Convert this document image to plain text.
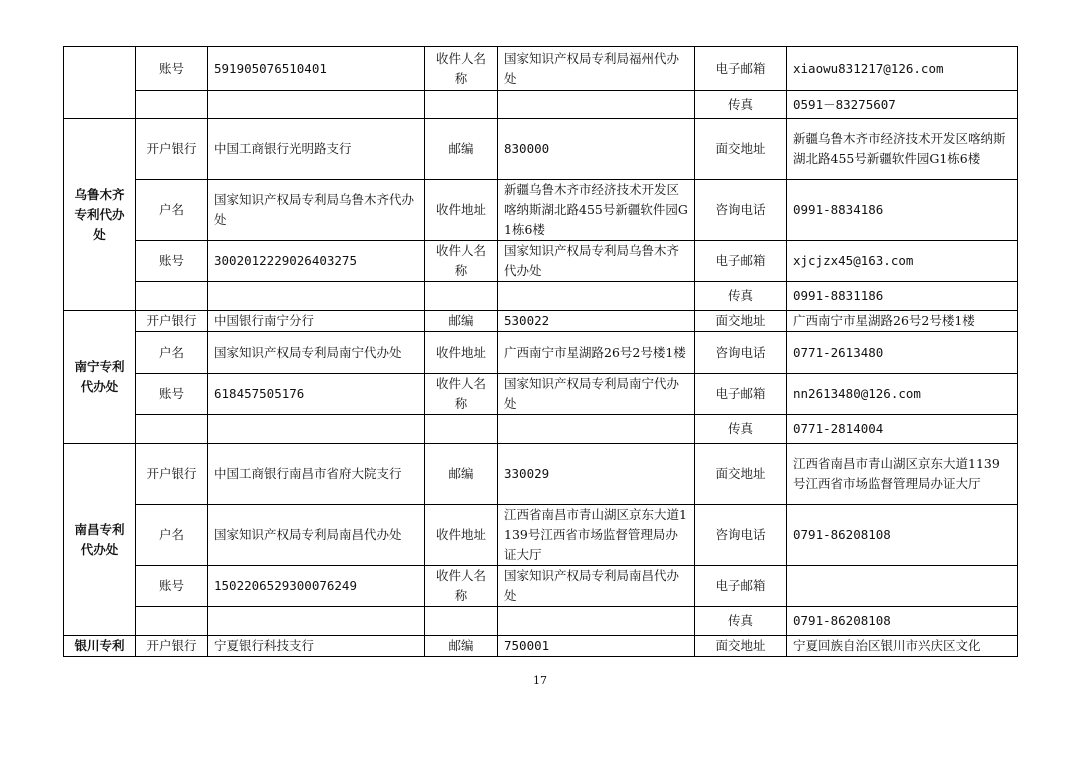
	账号	591905076510401	收件人名称	国家知识产权局专利局福州代办处	电子邮箱	xiaowu831217@126.com
					传真	0591－83275607
乌鲁木齐专利代办处	开户银行	中国工商银行光明路支行	邮编	830000	面交地址	新疆乌鲁木齐市经济技术开发区喀纳斯湖北路455号新疆软件园G1栋6楼
	户名	国家知识产权局专利局乌鲁木齐代办处	收件地址	新疆乌鲁木齐市经济技术开发区喀纳斯湖北路455号新疆软件园G1栋6楼	咨询电话	0991-8834186
	账号	3002012229026403275	收件人名称	国家知识产权局专利局乌鲁木齐代办处	电子邮箱	xjcjzx45@163.com
					传真	0991-8831186
南宁专利代办处	开户银行	中国银行南宁分行	邮编	530022	面交地址	广西南宁市星湖路26号2号楼1楼
	户名	国家知识产权局专利局南宁代办处	收件地址	广西南宁市星湖路26号2号楼1楼	咨询电话	0771-2613480
	账号	618457505176	收件人名称	国家知识产权局专利局南宁代办处	电子邮箱	nn2613480@126.com
					传真	0771-2814004
南昌专利代办处	开户银行	中国工商银行南昌市省府大院支行	邮编	330029	面交地址	江西省南昌市青山湖区京东大道1139号江西省市场监督管理局办证大厅
	户名	国家知识产权局专利局南昌代办处	收件地址	江西省南昌市青山湖区京东大道1139号江西省市场监督管理局办证大厅	咨询电话	0791-86208108
	账号	1502206529300076249	收件人名称	国家知识产权局专利局南昌代办处	电子邮箱	
					传真	0791-86208108
银川专利	开户银行	宁夏银行科技支行	邮编	750001	面交地址	宁夏回族自治区银川市兴庆区文化
17
